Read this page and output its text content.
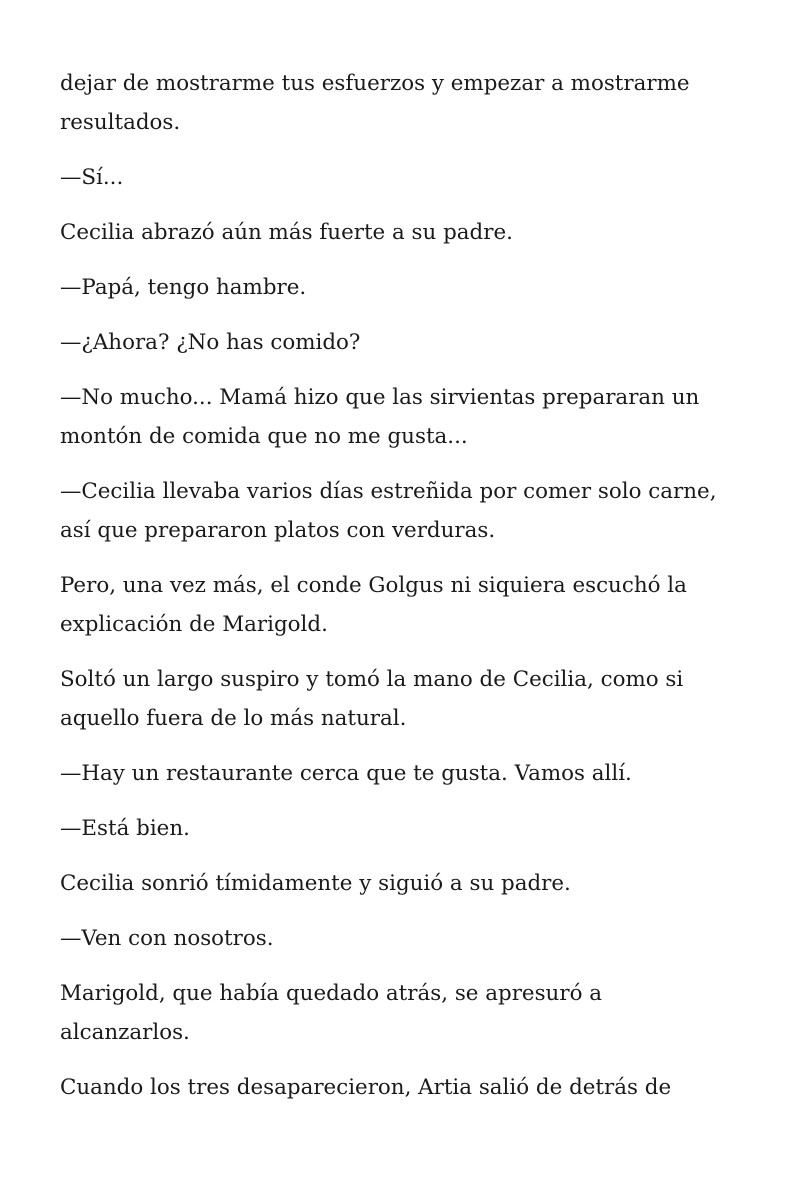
dejar de mostrarme tus esfuerzos y empezar a mostrarme
resultados.

—Sí...

Cecilia abrazó aún más fuerte a su padre.

—Papá, tengo hambre.

—¿Ahora? ¿No has comido?

—No mucho... Mamá hizo que las sirvientas prepararan un
montón de comida que no me gusta...

—Cecilia llevaba varios días estreñida por comer solo carne,
así que prepararon platos con verduras.

Pero, una vez más, el conde Golgus ni siquiera escuchó la
explicación de Marigold.

Soltó un largo suspiro y tomó la mano de Cecilia, como si
aquello fuera de lo más natural.

—Hay un restaurante cerca que te gusta. Vamos allí.

—Está bien.

Cecilia sonrió tímidamente y siguió a su padre.

—Ven con nosotros.

Marigold, que había quedado atrás, se apresuró a
alcanzarlos.

Cuando los tres desaparecieron, Artia salió de detrás de
